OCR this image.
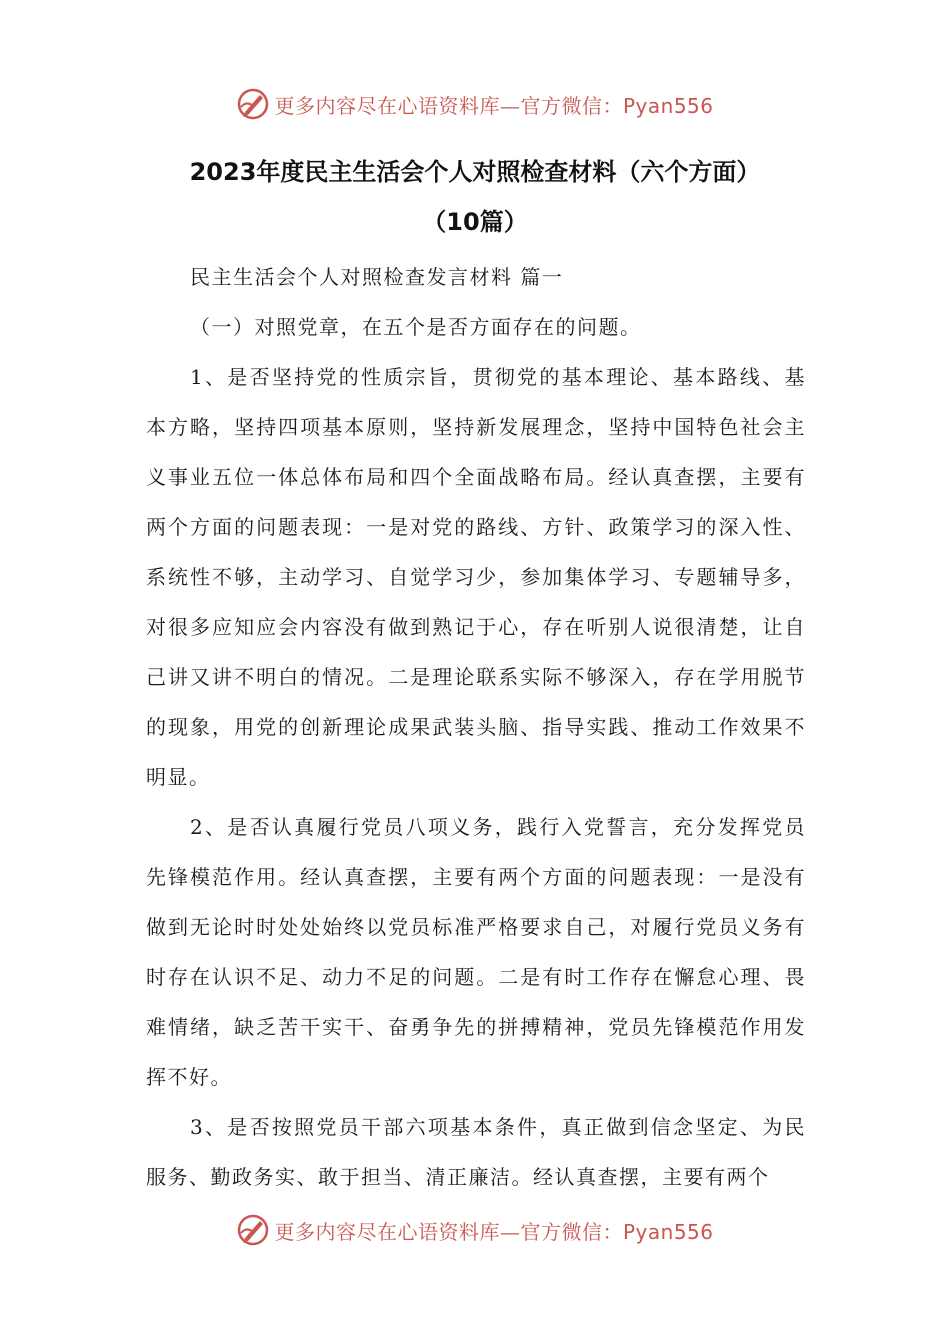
更多内容尽在心语资料库—官方微信：Pyan556
2023年度民主生活会个人对照检查材料（六个方面）
（10篇）

民主生活会个人对照检查发言材料 篇一

（一）对照党章，在五个是否方面存在的问题。

1、是否坚持党的性质宗旨，贯彻党的基本理论、基本路线、基本方略，坚持四项基本原则，坚持新发展理念，坚持中国特色社会主义事业五位一体总体布局和四个全面战略布局。经认真查摆，主要有两个方面的问题表现：一是对党的路线、方针、政策学习的深入性、系统性不够，主动学习、自觉学习少，参加集体学习、专题辅导多，对很多应知应会内容没有做到熟记于心，存在听别人说很清楚，让自己讲又讲不明白的情况。二是理论联系实际不够深入，存在学用脱节的现象，用党的创新理论成果武装头脑、指导实践、推动工作效果不明显。

2、是否认真履行党员八项义务，践行入党誓言，充分发挥党员先锋模范作用。经认真查摆，主要有两个方面的问题表现：一是没有做到无论时时处处始终以党员标准严格要求自己，对履行党员义务有时存在认识不足、动力不足的问题。二是有时工作存在懈怠心理、畏难情绪，缺乏苦干实干、奋勇争先的拼搏精神，党员先锋模范作用发挥不好。

3、是否按照党员干部六项基本条件，真正做到信念坚定、为民服务、勤政务实、敢于担当、清正廉洁。经认真查摆，主要有两个

更多内容尽在心语资料库—官方微信：Pyan556
